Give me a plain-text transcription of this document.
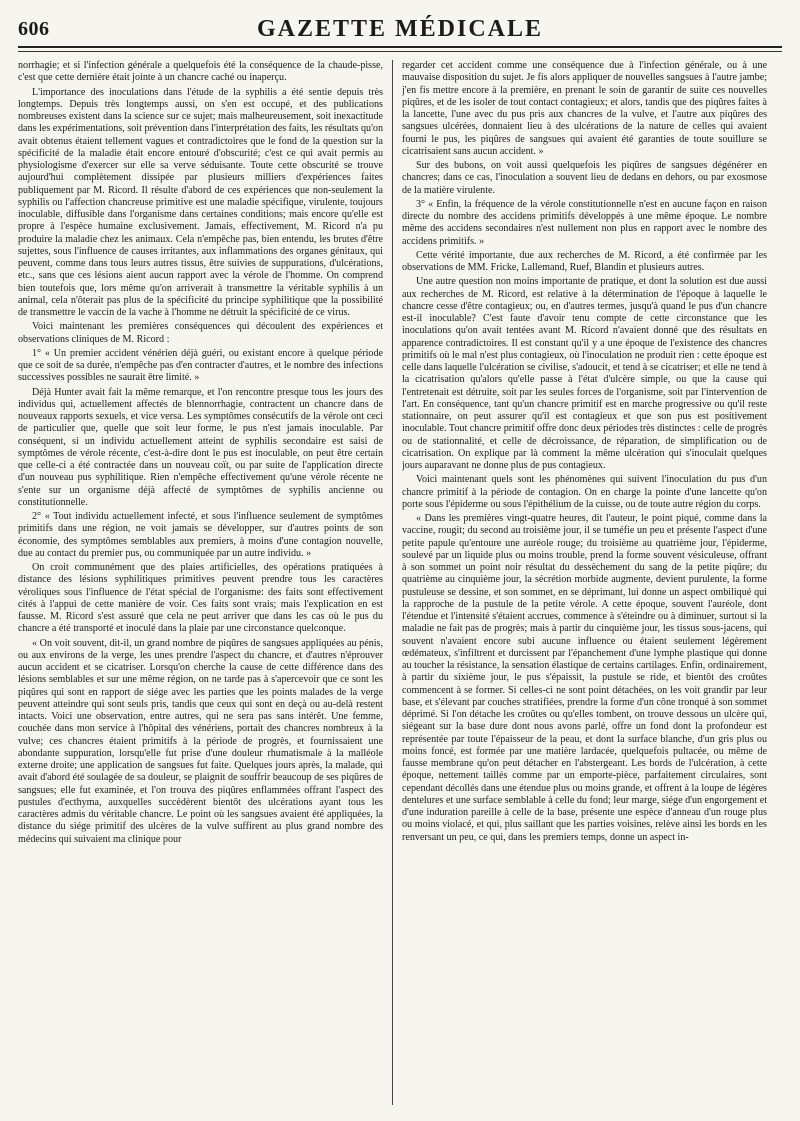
606	GAZETTE MÉDICALE

norrhagie; et si l'infection générale a quelquefois été la conséquence de la chaude-pisse, c'est que cette dernière était jointe à un chancre caché ou inaperçu.

L'importance des inoculations dans l'étude de la syphilis a été sentie depuis très longtemps. Depuis très longtemps aussi, on s'en est occupé, et des publications nombreuses existent dans la science sur ce sujet; mais malheureusement, soit inexactitude dans les expérimentations, soit prévention dans l'interprétation des faits, les résultats qu'on avait obtenus étaient tellement vagues et contradictoires que le fond de la question sur la spécificité de la maladie était encore entouré d'obscurité; c'est ce qui avait permis au physiologisme d'exercer sur elle sa verve séduisante. Toute cette obscurité se trouve aujourd'hui complètement dissipée par plusieurs milliers d'expériences faites publiquement par M. Ricord. Il résulte d'abord de ces expériences que non-seulement la syphilis ou l'affection chancreuse primitive est une maladie spécifique, virulente, toujours inoculable, diffusible dans l'organisme dans certaines conditions; mais encore qu'elle est propre à l'espèce humaine exclusivement. Jamais, effectivement, M. Ricord n'a pu produire la maladie chez les animaux. Cela n'empêche pas, bien entendu, les brutes d'être sujettes, sous l'influence de causes irritantes, aux inflammations des organes génitaux, qui peuvent, comme dans tous leurs autres tissus, être suivies de suppurations, d'ulcérations, etc., sans que ces lésions aient aucun rapport avec la vérole de l'homme. On comprend bien toutefois que, lors même qu'on arriverait à transmettre la véritable syphilis à un animal, cela n'ôterait pas plus de la spécificité du principe syphilitique que la possibilité de transmettre le vaccin de la vache à l'homme ne détruit la spécificité de ce virus.

Voici maintenant les premières conséquences qui découlent des expériences et observations cliniques de M. Ricord :

1° « Un premier accident vénérien déjà guéri, ou existant encore à quelque période que ce soit de sa durée, n'empêche pas d'en contracter d'autres, et le nombre des infections successives possibles ne saurait être limité. »

Déjà Hunter avait fait la même remarque, et l'on rencontre presque tous les jours des individus qui, actuellement affectés de blennorrhagie, contractent un chancre dans de nouveaux rapports sexuels, et vice versa. Les symptômes consécutifs de la vérole ont ceci de particulier que, quelle que soit leur forme, le pus n'est jamais inoculable. Par conséquent, si un individu actuellement atteint de syphilis secondaire est saisi de symptômes de vérole récente, c'est-à-dire dont le pus est inoculable, on peut être certain que celle-ci a été contractée dans un nouveau coït, ou par suite de l'application directe d'un nouveau pus syphilitique. Rien n'empêche effectivement qu'une vérole récente ne s'ente sur un organisme déjà affecté de symptômes de syphilis ancienne ou constitutionnelle.

2° « Tout individu actuellement infecté, et sous l'influence seulement de symptômes primitifs dans une région, ne voit jamais se développer, sur d'autres points de son économie, des symptômes semblables aux premiers, à moins d'une contagion nouvelle, due au contact du premier pus, ou communiquée par un autre individu. »

On croit communément que des plaies artificielles, des opérations pratiquées à distance des lésions syphilitiques primitives peuvent prendre tous les caractères véroliques sous l'influence de l'état spécial de l'organisme: des faits sont effectivement cités à l'appui de cette manière de voir. Ces faits sont vrais; mais l'explication en est fausse. M. Ricord s'est assuré que cela ne peut arriver que dans les cas où le pus du chancre a été transporté et inoculé dans la plaie par une circonstance quelconque.

« On voit souvent, dit-il, un grand nombre de piqûres de sangsues appliquées au pénis, ou aux environs de la verge, les unes prendre l'aspect du chancre, et d'autres n'éprouver aucun accident et se cicatriser. Lorsqu'on cherche la cause de cette différence dans des lésions semblables et sur une même région, on ne tarde pas à s'apercevoir que ce sont les piqûres qui sont en rapport de siége avec les parties que les points malades de la verge peuvent atteindre qui sont seuls pris, tandis que ceux qui sont en deçà ou au-delà restent intacts. Voici une observation, entre autres, qui ne sera pas sans intérêt. Une femme, couchée dans mon service à l'hôpital des vénériens, portait des chancres nombreux à la vulve; ces chancres étaient primitifs à la période de progrès, et fournissaient une abondante suppuration, lorsqu'elle fut prise d'une douleur rhumatismale à la malléole externe droite; une application de sangsues fut faite. Quelques jours après, la malade, qui avait d'abord été soulagée de sa douleur, se plaignit de souffrir beaucoup de ses piqûres de sangsues; elle fut examinée, et l'on trouva des piqûres enflammées offrant l'aspect des pustules d'ecthyma, auxquelles succédèrent bientôt des ulcérations ayant tous les caractères admis du véritable chancre. Le point où les sangsues avaient été appliquées, la distance du siége primitif des ulcères de la vulve suffirent au plus grand nombre des médecins qui suivaient ma clinique pour

regarder cet accident comme une conséquence due à l'infection générale, ou à une mauvaise disposition du sujet. Je fis alors appliquer de nouvelles sangsues à l'autre jambe; j'en fis mettre encore à la première, en prenant le soin de garantir de suite ces nouvelles piqûres, et de les isoler de tout contact contagieux; et alors, tandis que des piqûres faites à la lancette, l'une avec du pus pris aux chancres de la vulve, et l'autre aux piqûres des sangsues ulcérées, donnaient lieu à des ulcérations de la nature de celles qui avaient fourni le pus, les piqûres de sangsues qui avaient été garanties de toute souillure se cicatrisaient sans aucun accident. »

Sur des bubons, on voit aussi quelquefois les piqûres de sangsues dégénérer en chancres; dans ce cas, l'inoculation a souvent lieu de dedans en dehors, ou par exosmose de la matière virulente.

3° « Enfin, la fréquence de la vérole constitutionnelle n'est en aucune façon en raison directe du nombre des accidens primitifs développés à une même époque. Le nombre même des accidens secondaires n'est nullement non plus en rapport avec le nombre des accidens primitifs. »

Cette vérité importante, due aux recherches de M. Ricord, a été confirmée par les observations de MM. Fricke, Lallemand, Ruef, Blandin et plusieurs autres.

Une autre question non moins importante de pratique, et dont la solution est due aussi aux recherches de M. Ricord, est relative à la détermination de l'époque à laquelle le chancre cesse d'être contagieux; ou, en d'autres termes, jusqu'à quand le pus d'un chancre est-il inoculable? C'est faute d'avoir tenu compte de cette circonstance que les inoculations qu'on avait tentées avant M. Ricord n'avaient donné que des résultats en apparence contradictoires. Il est constant qu'il y a une époque de l'existence des chancres primitifs où le mal n'est plus contagieux, où l'inoculation ne produit rien : cette époque est celle dans laquelle l'ulcération se civilise, s'adoucit, et tend à se cicatriser; et elle ne tend à la cicatrisation qu'alors qu'elle passe à l'état d'ulcère simple, ou que la cause qui l'entretenait est détruite, soit par les seules forces de l'organisme, soit par l'intervention de l'art. En conséquence, tant qu'un chancre primitif est en marche progressive ou qu'il reste stationnaire, on peut assurer qu'il est contagieux et que son pus est positivement inoculable. Tout chancre primitif offre donc deux périodes très distinctes : celle de progrès ou de stationnalité, et celle de décroissance, de réparation, de simplification ou de cicatrisation. On explique par là comment la même ulcération qui s'inoculait quelques jours auparavant ne donne plus de pus contagieux.

Voici maintenant quels sont les phénomènes qui suivent l'inoculation du pus d'un chancre primitif à la période de contagion. On en charge la pointe d'une lancette qu'on porte sous l'épiderme ou sous l'épithélium de la cuisse, ou de toute autre région du corps.

« Dans les premières vingt-quatre heures, dit l'auteur, le point piqué, comme dans la vaccine, rougit; du second au troisième jour, il se tuméfie un peu et présente l'aspect d'une petite papule qu'entoure une auréole rouge; du troisième au quatrième jour, l'épiderme, soulevé par un liquide plus ou moins trouble, prend la forme souvent vésiculeuse, offrant à son sommet un point noir résultat du dessèchement du sang de la petite piqûre; du quatrième au cinquième jour, la sécrétion morbide augmente, devient purulente, la forme pustuleuse se dessine, et son sommet, en se déprimant, lui donne un aspect ombiliqué qui la rapproche de la pustule de la petite vérole. A cette époque, souvent l'auréole, dont l'étendue et l'intensité s'étaient accrues, commence à s'éteindre ou à diminuer, surtout si la maladie ne fait pas de progrès; mais à partir du cinquième jour, les tissus sous-jacens, qui souvent n'avaient encore subi aucune influence ou étaient seulement légèrement œdémateux, s'infiltrent et durcissent par l'épanchement d'une lymphe plastique qui donne au toucher la résistance, la sensation élastique de certains cartilages. Enfin, ordinairement, à partir du sixième jour, le pus s'épaissit, la pustule se ride, et bientôt des croûtes commencent à se former. Si celles-ci ne sont point détachées, on les voit grandir par leur base, et s'élevant par couches stratifiées, prendre la forme d'un cône tronqué à son sommet déprimé. Si l'on détache les croûtes ou qu'elles tombent, on trouve dessous un ulcère qui, siégeant sur la base dure dont nous avons parlé, offre un fond dont la profondeur est représentée par toute l'épaisseur de la peau, et dont la surface blanche, d'un gris plus ou moins foncé, est formée par une matière lardacée, quelquefois pultacée, ou même de fausse membrane qu'on peut détacher en l'abstergeant. Les bords de l'ulcération, à cette époque, nettement taillés comme par un emporte-pièce, parfaitement circulaires, sont cependant décollés dans une étendue plus ou moins grande, et offrent à la loupe de légères dentelures et une surface semblable à celle du fond; leur marge, siége d'un engorgement et d'une induration pareille à celle de la base, présente une espèce d'anneau d'un rouge plus ou moins violacé, et qui, plus saillant que les parties voisines, relève ainsi les bords en les renversant un peu, ce qui, dans les premiers temps, donne un aspect in-
